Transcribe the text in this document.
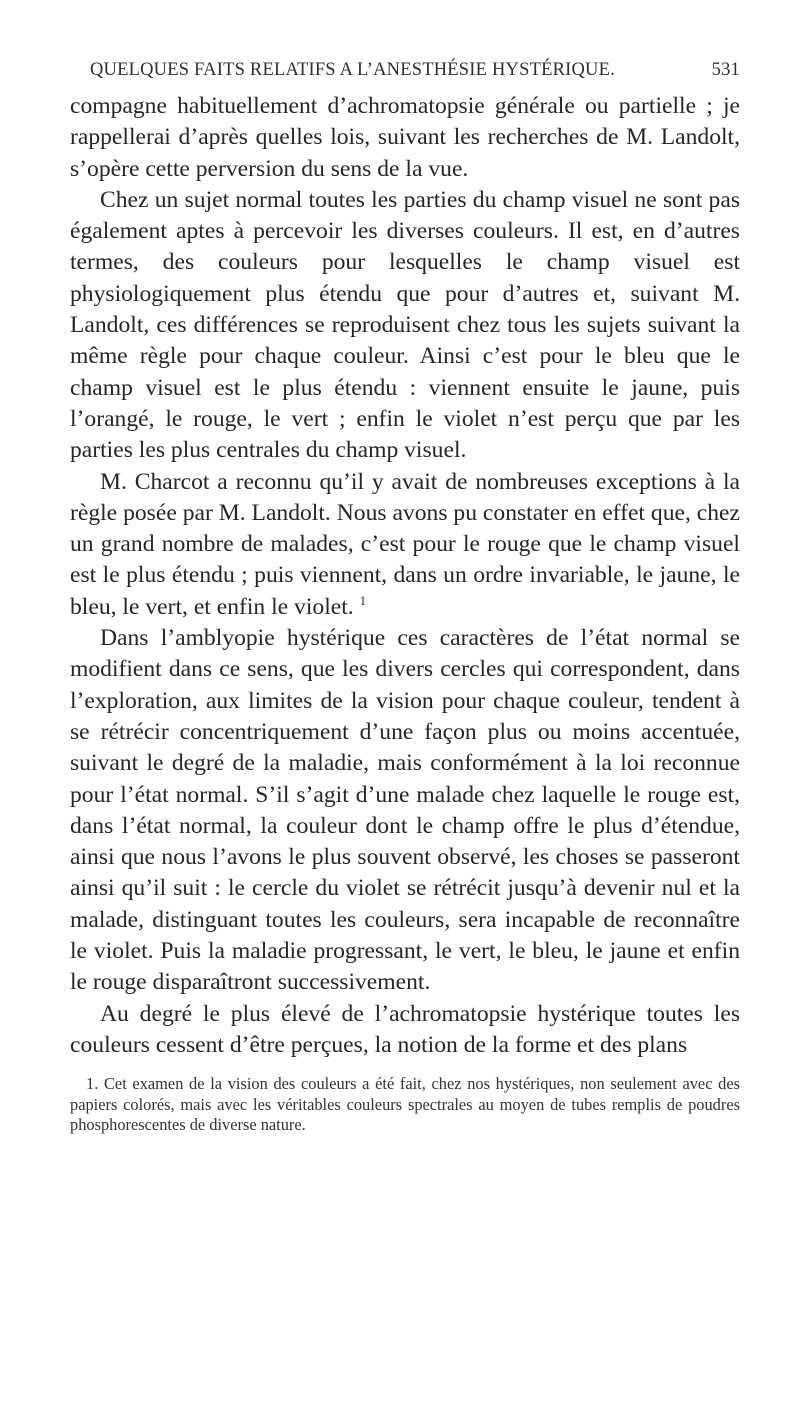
QUELQUES FAITS RELATIFS A L’ANESTHÉSIE HYSTÉRIQUE.	531

compagne habituellement d’achromatopsie générale ou partielle ; je rappellerai d’après quelles lois, suivant les recherches de M. Landolt, s’opère cette perversion du sens de la vue.

Chez un sujet normal toutes les parties du champ visuel ne sont pas également aptes à percevoir les diverses couleurs. Il est, en d’autres termes, des couleurs pour lesquelles le champ visuel est physiologiquement plus étendu que pour d’autres et, suivant M. Landolt, ces différences se reproduisent chez tous les sujets suivant la même règle pour chaque couleur. Ainsi c’est pour le bleu que le champ visuel est le plus étendu : viennent ensuite le jaune, puis l’orangé, le rouge, le vert ; enfin le violet n’est perçu que par les parties les plus centrales du champ visuel.

M. Charcot a reconnu qu’il y avait de nombreuses exceptions à la règle posée par M. Landolt. Nous avons pu constater en effet que, chez un grand nombre de malades, c’est pour le rouge que le champ visuel est le plus étendu ; puis viennent, dans un ordre invariable, le jaune, le bleu, le vert, et enfin le violet. $^1$

Dans l’amblyopie hystérique ces caractères de l’état normal se modifient dans ce sens, que les divers cercles qui correspondent, dans l’exploration, aux limites de la vision pour chaque couleur, tendent à se rétrécir concentriquement d’une façon plus ou moins accentuée, suivant le degré de la maladie, mais conformément à la loi reconnue pour l’état normal. S’il s’agit d’une malade chez laquelle le rouge est, dans l’état normal, la couleur dont le champ offre le plus d’étendue, ainsi que nous l’avons le plus souvent observé, les choses se passeront ainsi qu’il suit : le cercle du violet se rétrécit jusqu’à devenir nul et la malade, distinguant toutes les couleurs, sera incapable de reconnaître le violet. Puis la maladie progressant, le vert, le bleu, le jaune et enfin le rouge disparaîtront successivement.

Au degré le plus élevé de l’achromatopsie hystérique toutes les couleurs cessent d’être perçues, la notion de la forme et des plans

1. Cet examen de la vision des couleurs a été fait, chez nos hystériques, non seulement avec des papiers colorés, mais avec les véritables couleurs spectrales au moyen de tubes remplis de poudres phosphorescentes de diverse nature.
